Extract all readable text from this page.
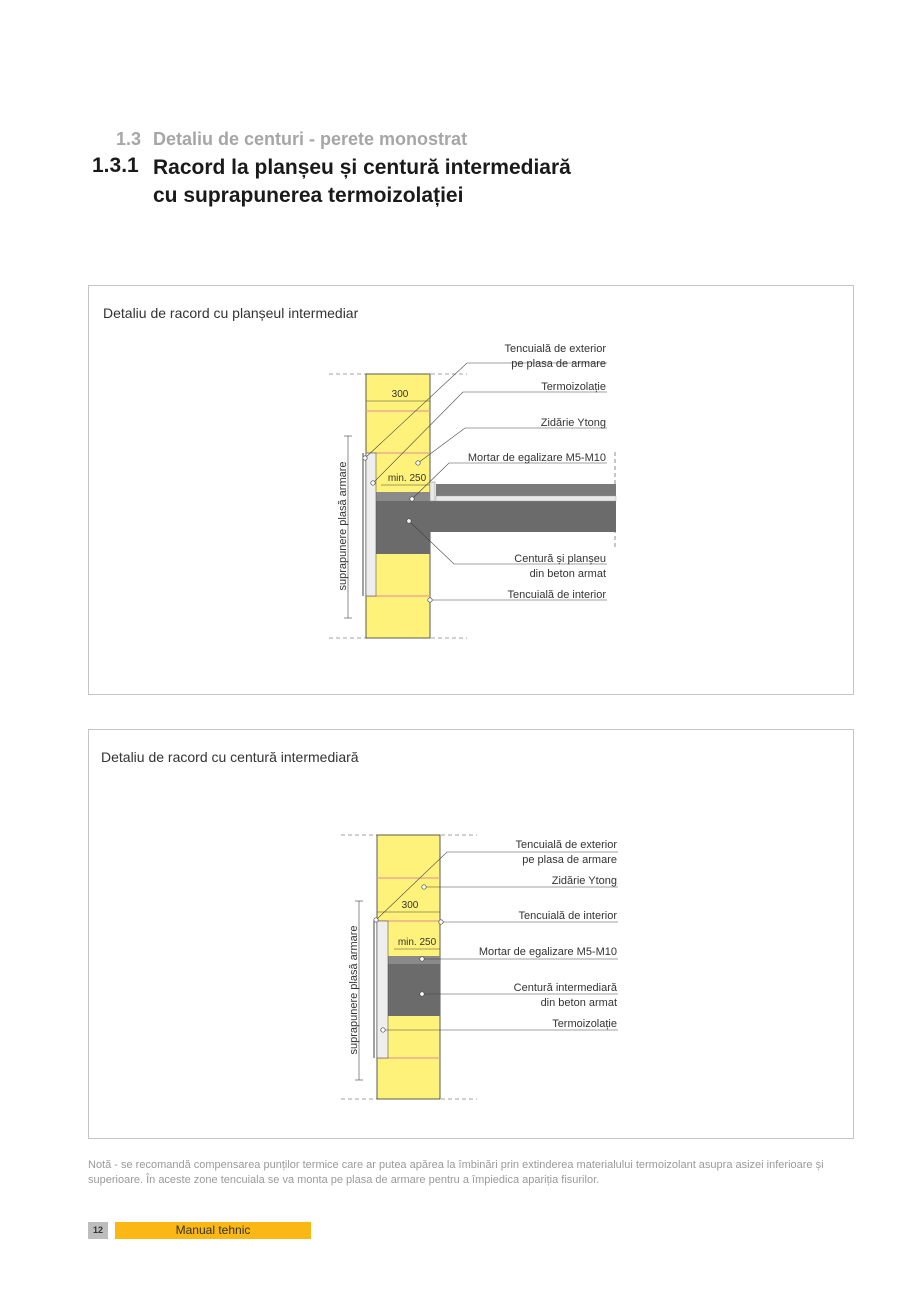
1.3 Detaliu de centuri - perete monostrat
1.3.1 Racord la planșeu și centură intermediară
cu suprapunerea termoizolației
Detaliu de racord cu planșeul intermediar
300
min. 250
suprapunere plasă armare
Tencuială de exterior
pe plasa de armare
Termoizolație
Zidărie Ytong
Mortar de egalizare M5-M10
Centură și planșeu
din beton armat
Tencuială de interior
Detaliu de racord cu centură intermediară
300
min. 250
suprapunere plasă armare
Tencuială de exterior
pe plasa de armare
Zidărie Ytong
Tencuială de interior
Mortar de egalizare M5-M10
Centură intermediară
din beton armat
Termoizolație
Notă - se recomandă compensarea punților termice care ar putea apărea la îmbinări prin extinderea materialului termoizolant asupra asizei inferioare și superioare. În aceste zone tencuiala se va monta pe plasa de armare pentru a împiedica apariția fisurilor.
12	Manual tehnic
